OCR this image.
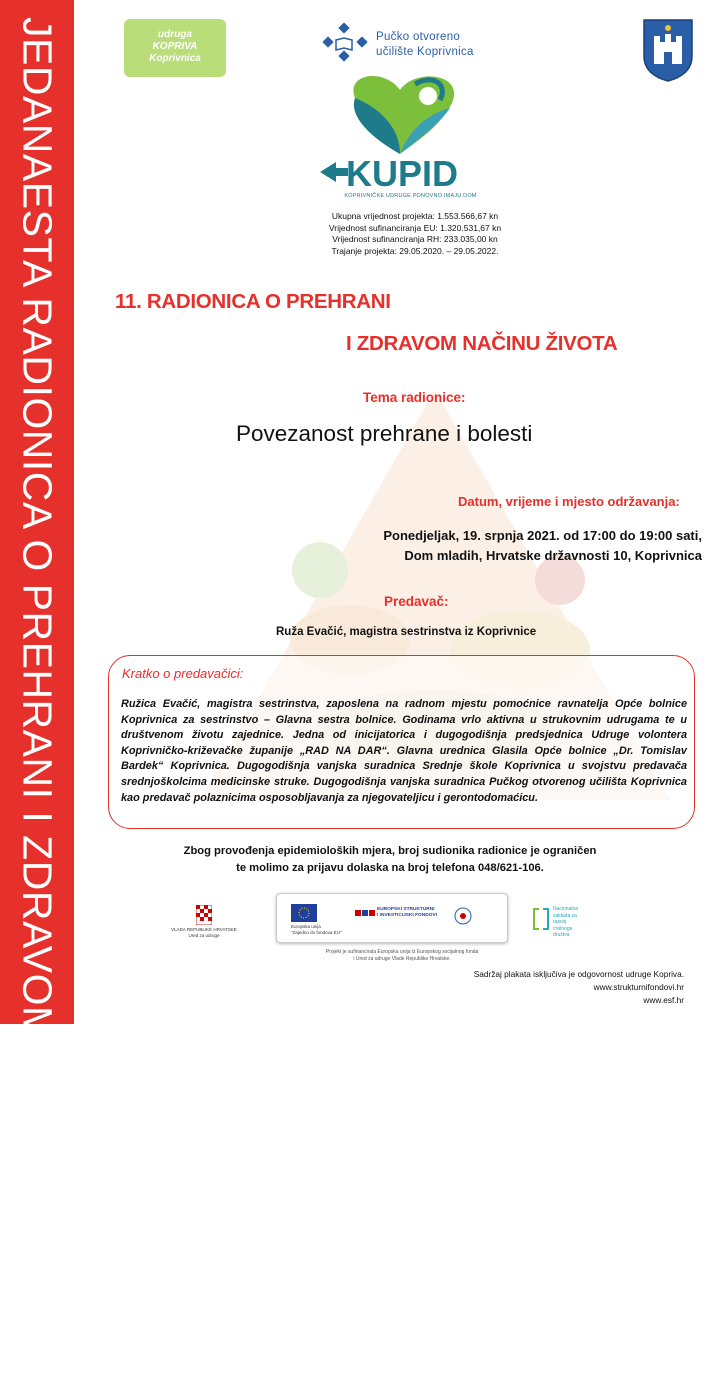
JEDANAESTA RADIONICA O PREHRANI I ZDRAVOM NAČINU ŽIVOTA	udruga
KOPRIVA
Koprivnica
Pučko otvoreno
učilište Koprivnica
KUPID
KOPRIVNIČKE UDRUGE PONOVNO IMAJU DOM
Ukupna vrijednost projekta: 1.553.566,67 kn
Vrijednost sufinanciranja EU: 1.320.531,67 kn
Vrijednost sufinanciranja RH: 233.035,00 kn
Trajanje projekta: 29.05.2020. – 29.05.2022.
11. RADIONICA O PREHRANI
I ZDRAVOM NAČINU ŽIVOTA
Tema radionice:
Povezanost prehrane i bolesti
Datum, vrijeme i mjesto održavanja:
Ponedjeljak, 19. srpnja 2021. od 17:00 do 19:00 sati,
Dom mladih, Hrvatske državnosti 10, Koprivnica
Predavač:
Ruža Evačić, magistra sestrinstva iz Koprivnice
Kratko o predavačici:
Ružica Evačić, magistra sestrinstva, zaposlena na radnom mjestu pomoćnice ravnatelja Opće bolnice Koprivnica za sestrinstvo – Glavna sestra bolnice. Godinama vrlo aktivna u strukovnim udrugama te u društvenom životu zajednice. Jedna od inicijatorica i dugogodišnja predsjednica Udruge volontera Koprivničko-križevačke županije „RAD NA DAR“. Glavna urednica Glasila Opće bolnice „Dr. Tomislav Bardek“ Koprivnica. Dugogodišnja vanjska suradnica Srednje škole Koprivnica u svojstvu predavača srednjoškolcima medicinske struke. Dugogodišnja vanjska suradnica Pučkog otvorenog učilišta Koprivnica kao predavač polaznicima osposobljavanja za njegovateljicu i gerontodomaćicu.
Zbog provođenja epidemioloških mjera, broj sudionika radionice je ograničen
te molimo za prijavu dolaska na broj telefona 048/621-106.
VLADA REPUBLIKE HRVATSKE
Ured za udruge
Europska unija
"Zajedno do fondova EU"
EUROPSKI STRUKTURNI
I INVESTICIJSKI FONDOVI
Projekt je sufinancirala Europska unija iz Europskog socijalnog fonda
i Ured za udruge Vlade Republike Hrvatske.
Nacionalna
zaklada za
razvoj
civilnoga
društva
Sadržaj plakata isključiva je odgovornost udruge Kopriva.
www.strukturnifondovi.hr
www.esf.hr
